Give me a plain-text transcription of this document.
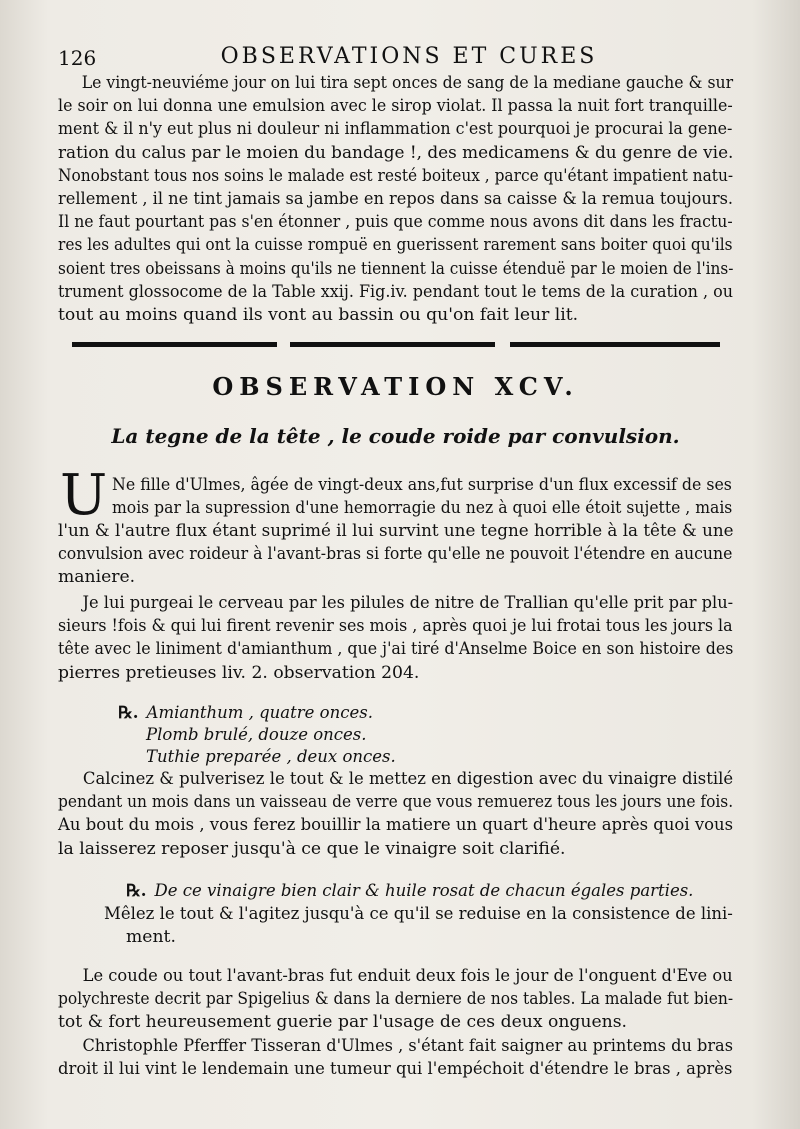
126	OBSERVATIONS ET CURES
Le vingt-neuviéme jour on lui tira sept onces de sang de la mediane gauche & sur
le soir on lui donna une emulsion avec le sirop violat. Il passa la nuit fort tranquille-
ment & il n'y eut plus ni douleur ni inflammation c'est pourquoi je procurai la gene-
ration du calus par le moien du bandage !, des medicamens & du genre de vie.
Nonobstant tous nos soins le malade est resté boiteux , parce qu'étant impatient natu-
rellement , il ne tint jamais sa jambe en repos dans sa caisse & la remua toujours.
Il ne faut pourtant pas s'en étonner , puis que comme nous avons dit dans les fractu-
res les adultes qui ont la cuisse rompuë en guerissent rarement sans boiter quoi qu'ils
soient tres obeissans à moins qu'ils ne tiennent la cuisse étenduë par le moien de l'ins-
trument glossocome de la Table xxij. Fig.iv. pendant tout le tems de la curation , ou
tout au moins quand ils vont au bassin ou qu'on fait leur lit.
OBSERVATION XCV.
La tegne de la tête , le coude roide par convulsion.
U Ne fille d'Ulmes, âgée de vingt-deux ans,fut surprise d'un flux excessif de ses
mois par la supression d'une hemorragie du nez à quoi elle étoit sujette , mais
l'un & l'autre flux étant suprimé il lui survint une tegne horrible à la tête & une
convulsion avec roideur à l'avant-bras si forte qu'elle ne pouvoit l'étendre en aucune
maniere.
Je lui purgeai le cerveau par les pilules de nitre de Trallian qu'elle prit par plu-
sieurs !fois & qui lui firent revenir ses mois , après quoi je lui frotai tous les jours la
tête avec le liniment d'amianthum , que j'ai tiré d'Anselme Boice en son histoire des
pierres pretieuses liv. 2. observation 204.
℞. Amianthum , quatre onces.
Plomb brulé, douze onces.
Tuthie preparée , deux onces.
Calcinez & pulverisez le tout & le mettez en digestion avec du vinaigre distilé
pendant un mois dans un vaisseau de verre que vous remuerez tous les jours une fois.
Au bout du mois , vous ferez bouillir la matiere un quart d'heure après quoi vous
la laisserez reposer jusqu'à ce que le vinaigre soit clarifié.
℞. De ce vinaigre bien clair & huile rosat de chacun égales parties.
Mêlez le tout & l'agitez jusqu'à ce qu'il se reduise en la consistence de lini-
ment.
Le coude ou tout l'avant-bras fut enduit deux fois le jour de l'onguent d'Eve ou
polychreste decrit par Spigelius & dans la derniere de nos tables. La malade fut bien-
tot & fort heureusement guerie par l'usage de ces deux onguens.
Christophle Pferffer Tisseran d'Ulmes , s'étant fait saigner au printems du bras
droit il lui vint le lendemain une tumeur qui l'empéchoit d'étendre le bras , après
